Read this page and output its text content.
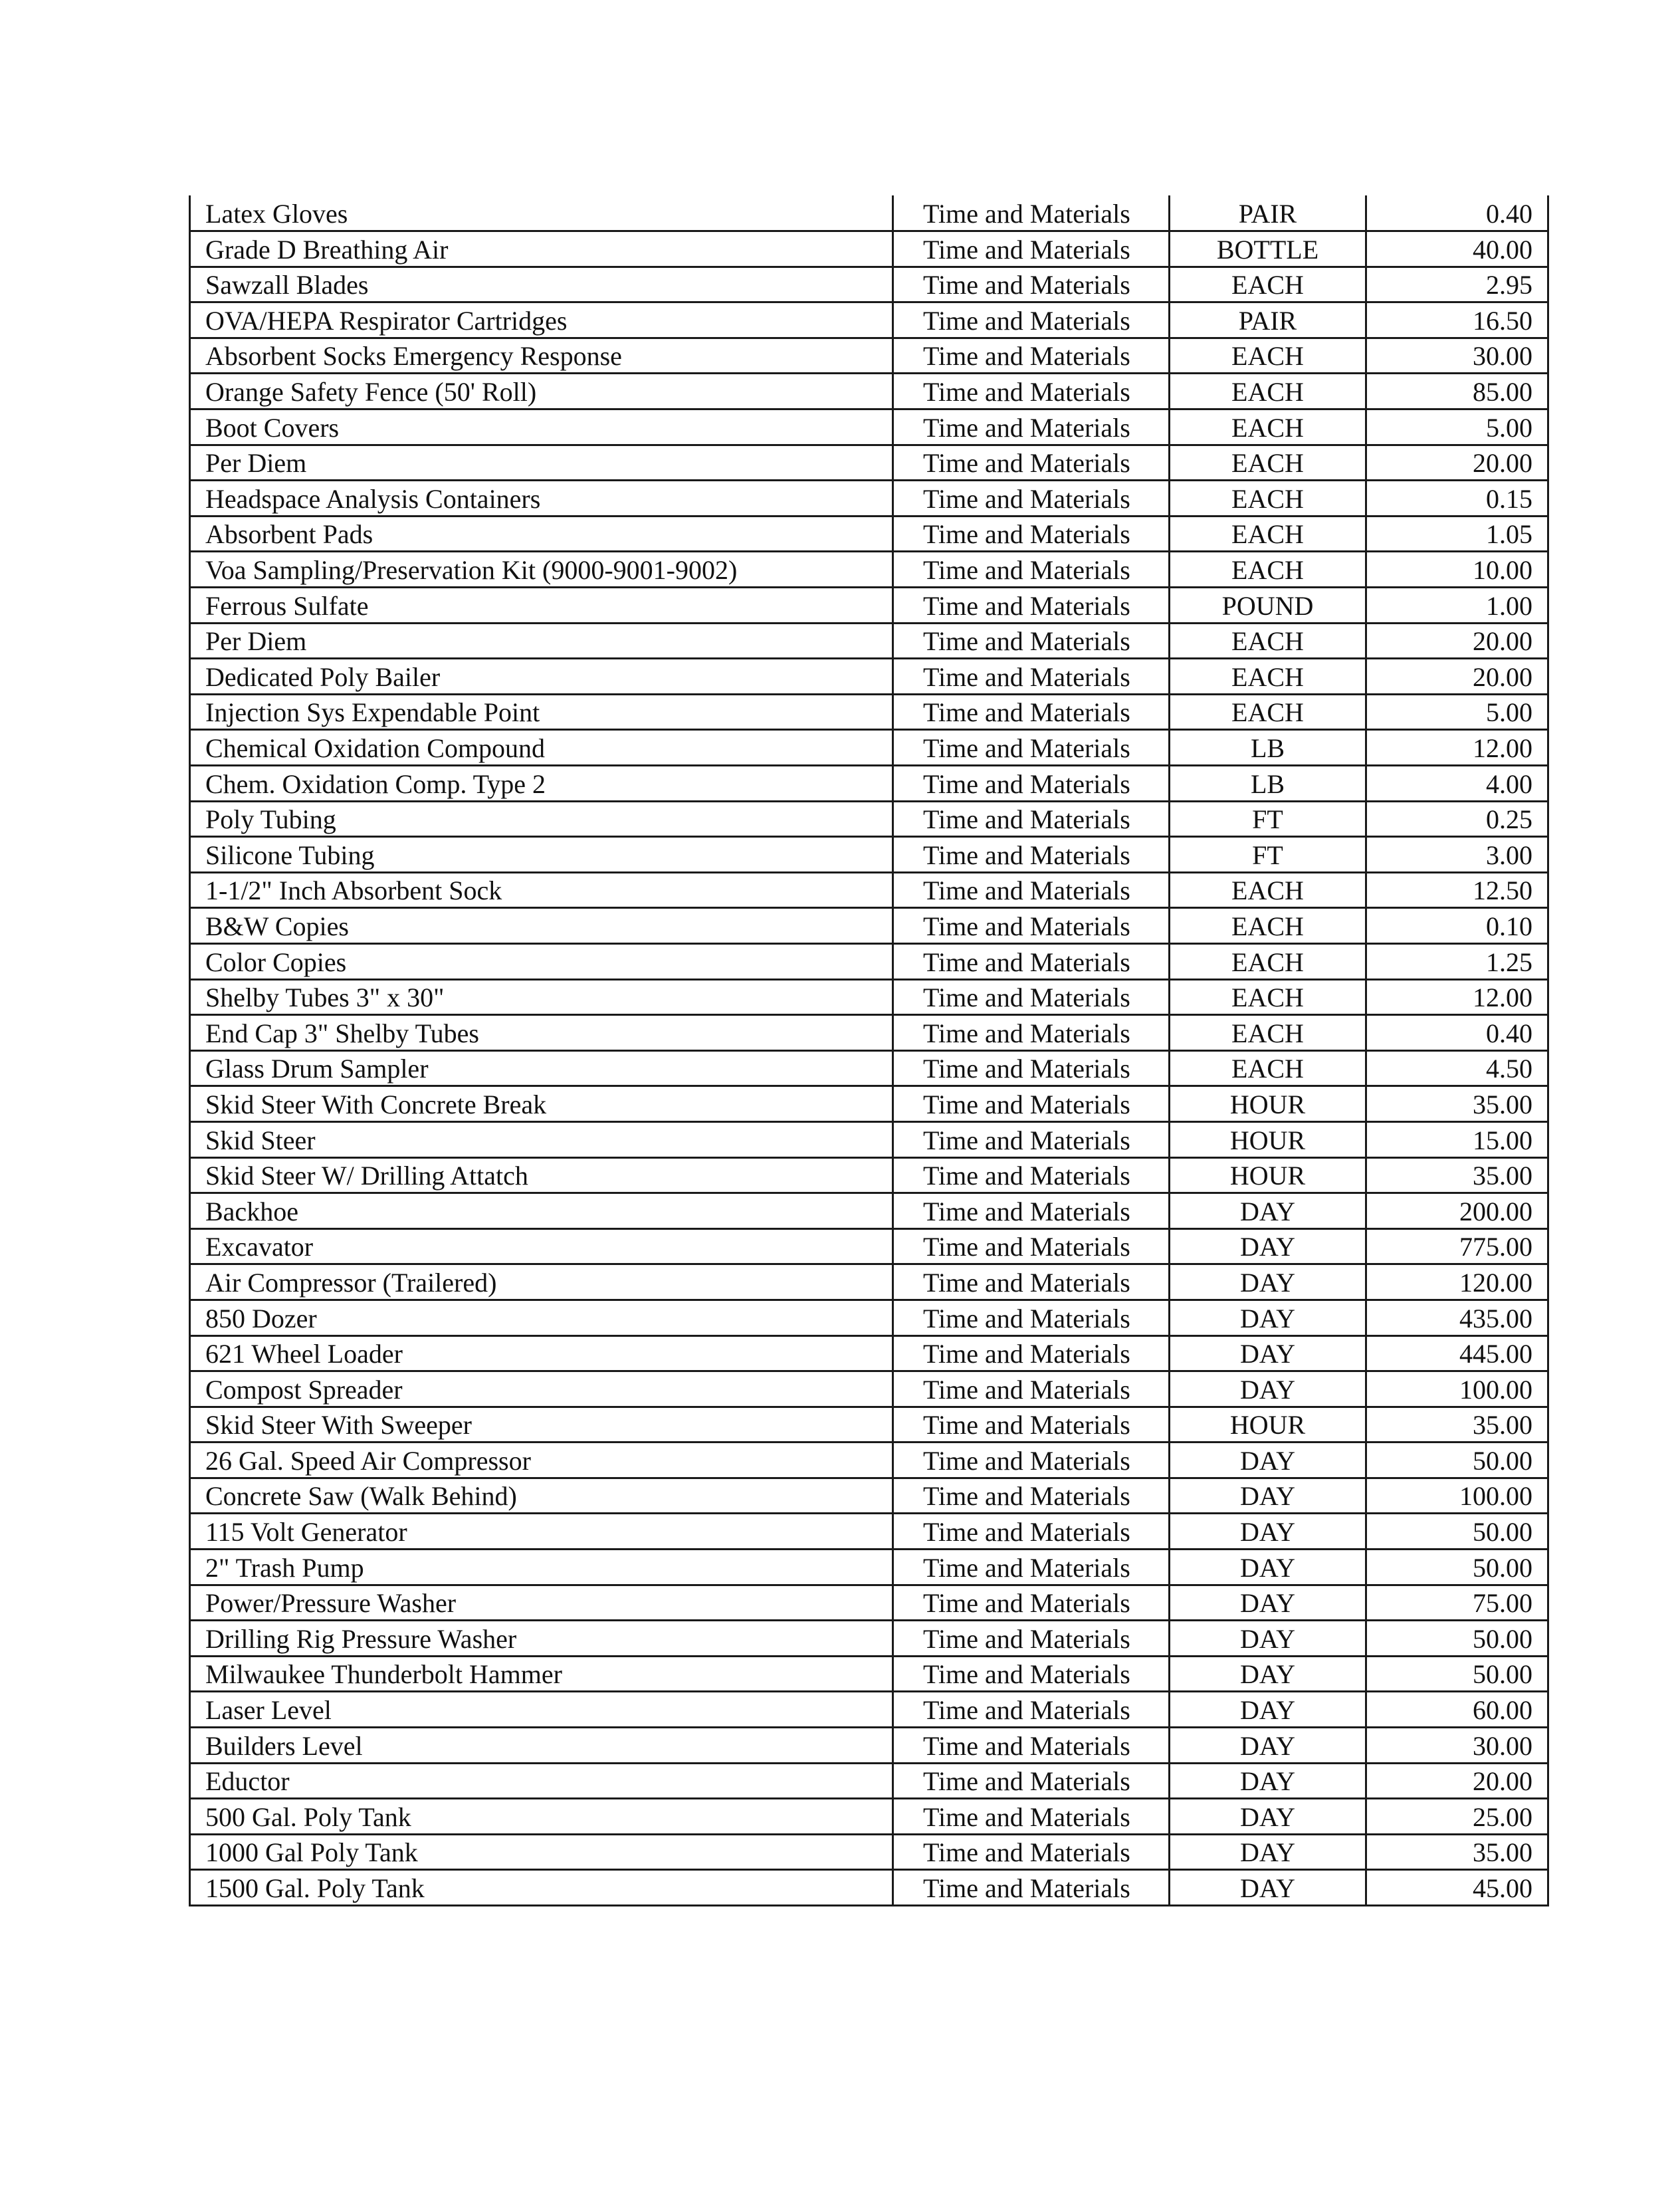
Latex Gloves	Time and Materials	PAIR	0.40
Grade D Breathing Air	Time and Materials	BOTTLE	40.00
Sawzall Blades	Time and Materials	EACH	2.95
OVA/HEPA Respirator Cartridges	Time and Materials	PAIR	16.50
Absorbent Socks Emergency Response	Time and Materials	EACH	30.00
Orange Safety Fence (50' Roll)	Time and Materials	EACH	85.00
Boot Covers	Time and Materials	EACH	5.00
Per Diem	Time and Materials	EACH	20.00
Headspace Analysis Containers	Time and Materials	EACH	0.15
Absorbent Pads	Time and Materials	EACH	1.05
Voa Sampling/Preservation Kit (9000-9001-9002)	Time and Materials	EACH	10.00
Ferrous Sulfate	Time and Materials	POUND	1.00
Per Diem	Time and Materials	EACH	20.00
Dedicated Poly Bailer	Time and Materials	EACH	20.00
Injection Sys Expendable Point	Time and Materials	EACH	5.00
Chemical Oxidation Compound	Time and Materials	LB	12.00
Chem. Oxidation Comp. Type 2	Time and Materials	LB	4.00
Poly Tubing	Time and Materials	FT	0.25
Silicone Tubing	Time and Materials	FT	3.00
1-1/2" Inch Absorbent Sock	Time and Materials	EACH	12.50
B&W Copies	Time and Materials	EACH	0.10
Color Copies	Time and Materials	EACH	1.25
Shelby Tubes 3" x 30"	Time and Materials	EACH	12.00
End Cap 3" Shelby Tubes	Time and Materials	EACH	0.40
Glass Drum Sampler	Time and Materials	EACH	4.50
Skid Steer With Concrete Break	Time and Materials	HOUR	35.00
Skid Steer	Time and Materials	HOUR	15.00
Skid Steer W/ Drilling Attatch	Time and Materials	HOUR	35.00
Backhoe	Time and Materials	DAY	200.00
Excavator	Time and Materials	DAY	775.00
Air Compressor (Trailered)	Time and Materials	DAY	120.00
850 Dozer	Time and Materials	DAY	435.00
621 Wheel Loader	Time and Materials	DAY	445.00
Compost Spreader	Time and Materials	DAY	100.00
Skid Steer With Sweeper	Time and Materials	HOUR	35.00
26 Gal. Speed Air Compressor	Time and Materials	DAY	50.00
Concrete Saw (Walk Behind)	Time and Materials	DAY	100.00
115 Volt Generator	Time and Materials	DAY	50.00
2" Trash Pump	Time and Materials	DAY	50.00
Power/Pressure Washer	Time and Materials	DAY	75.00
Drilling Rig Pressure Washer	Time and Materials	DAY	50.00
Milwaukee Thunderbolt Hammer	Time and Materials	DAY	50.00
Laser Level	Time and Materials	DAY	60.00
Builders Level	Time and Materials	DAY	30.00
Eductor	Time and Materials	DAY	20.00
500 Gal. Poly Tank	Time and Materials	DAY	25.00
1000 Gal Poly Tank	Time and Materials	DAY	35.00
1500 Gal. Poly Tank	Time and Materials	DAY	45.00
